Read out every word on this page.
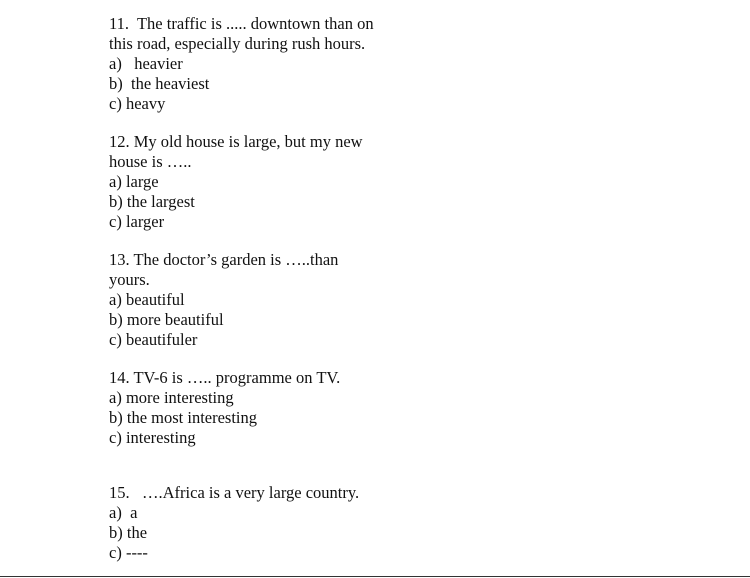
11.  The traffic is ..... downtown than on
this road, especially during rush hours.
a)   heavier
b)  the heaviest
c) heavy
12. My old house is large, but my new
house is …..
a) large
b) the largest
c) larger
13. The doctor’s garden is …..than
yours.
a) beautiful
b) more beautiful
c) beautifuler
14. TV-6 is ….. programme on TV.
a) more interesting
b) the most interesting
c) interesting
15.   ….Africa is a very large country.
a)  a
b) the
c) ----
